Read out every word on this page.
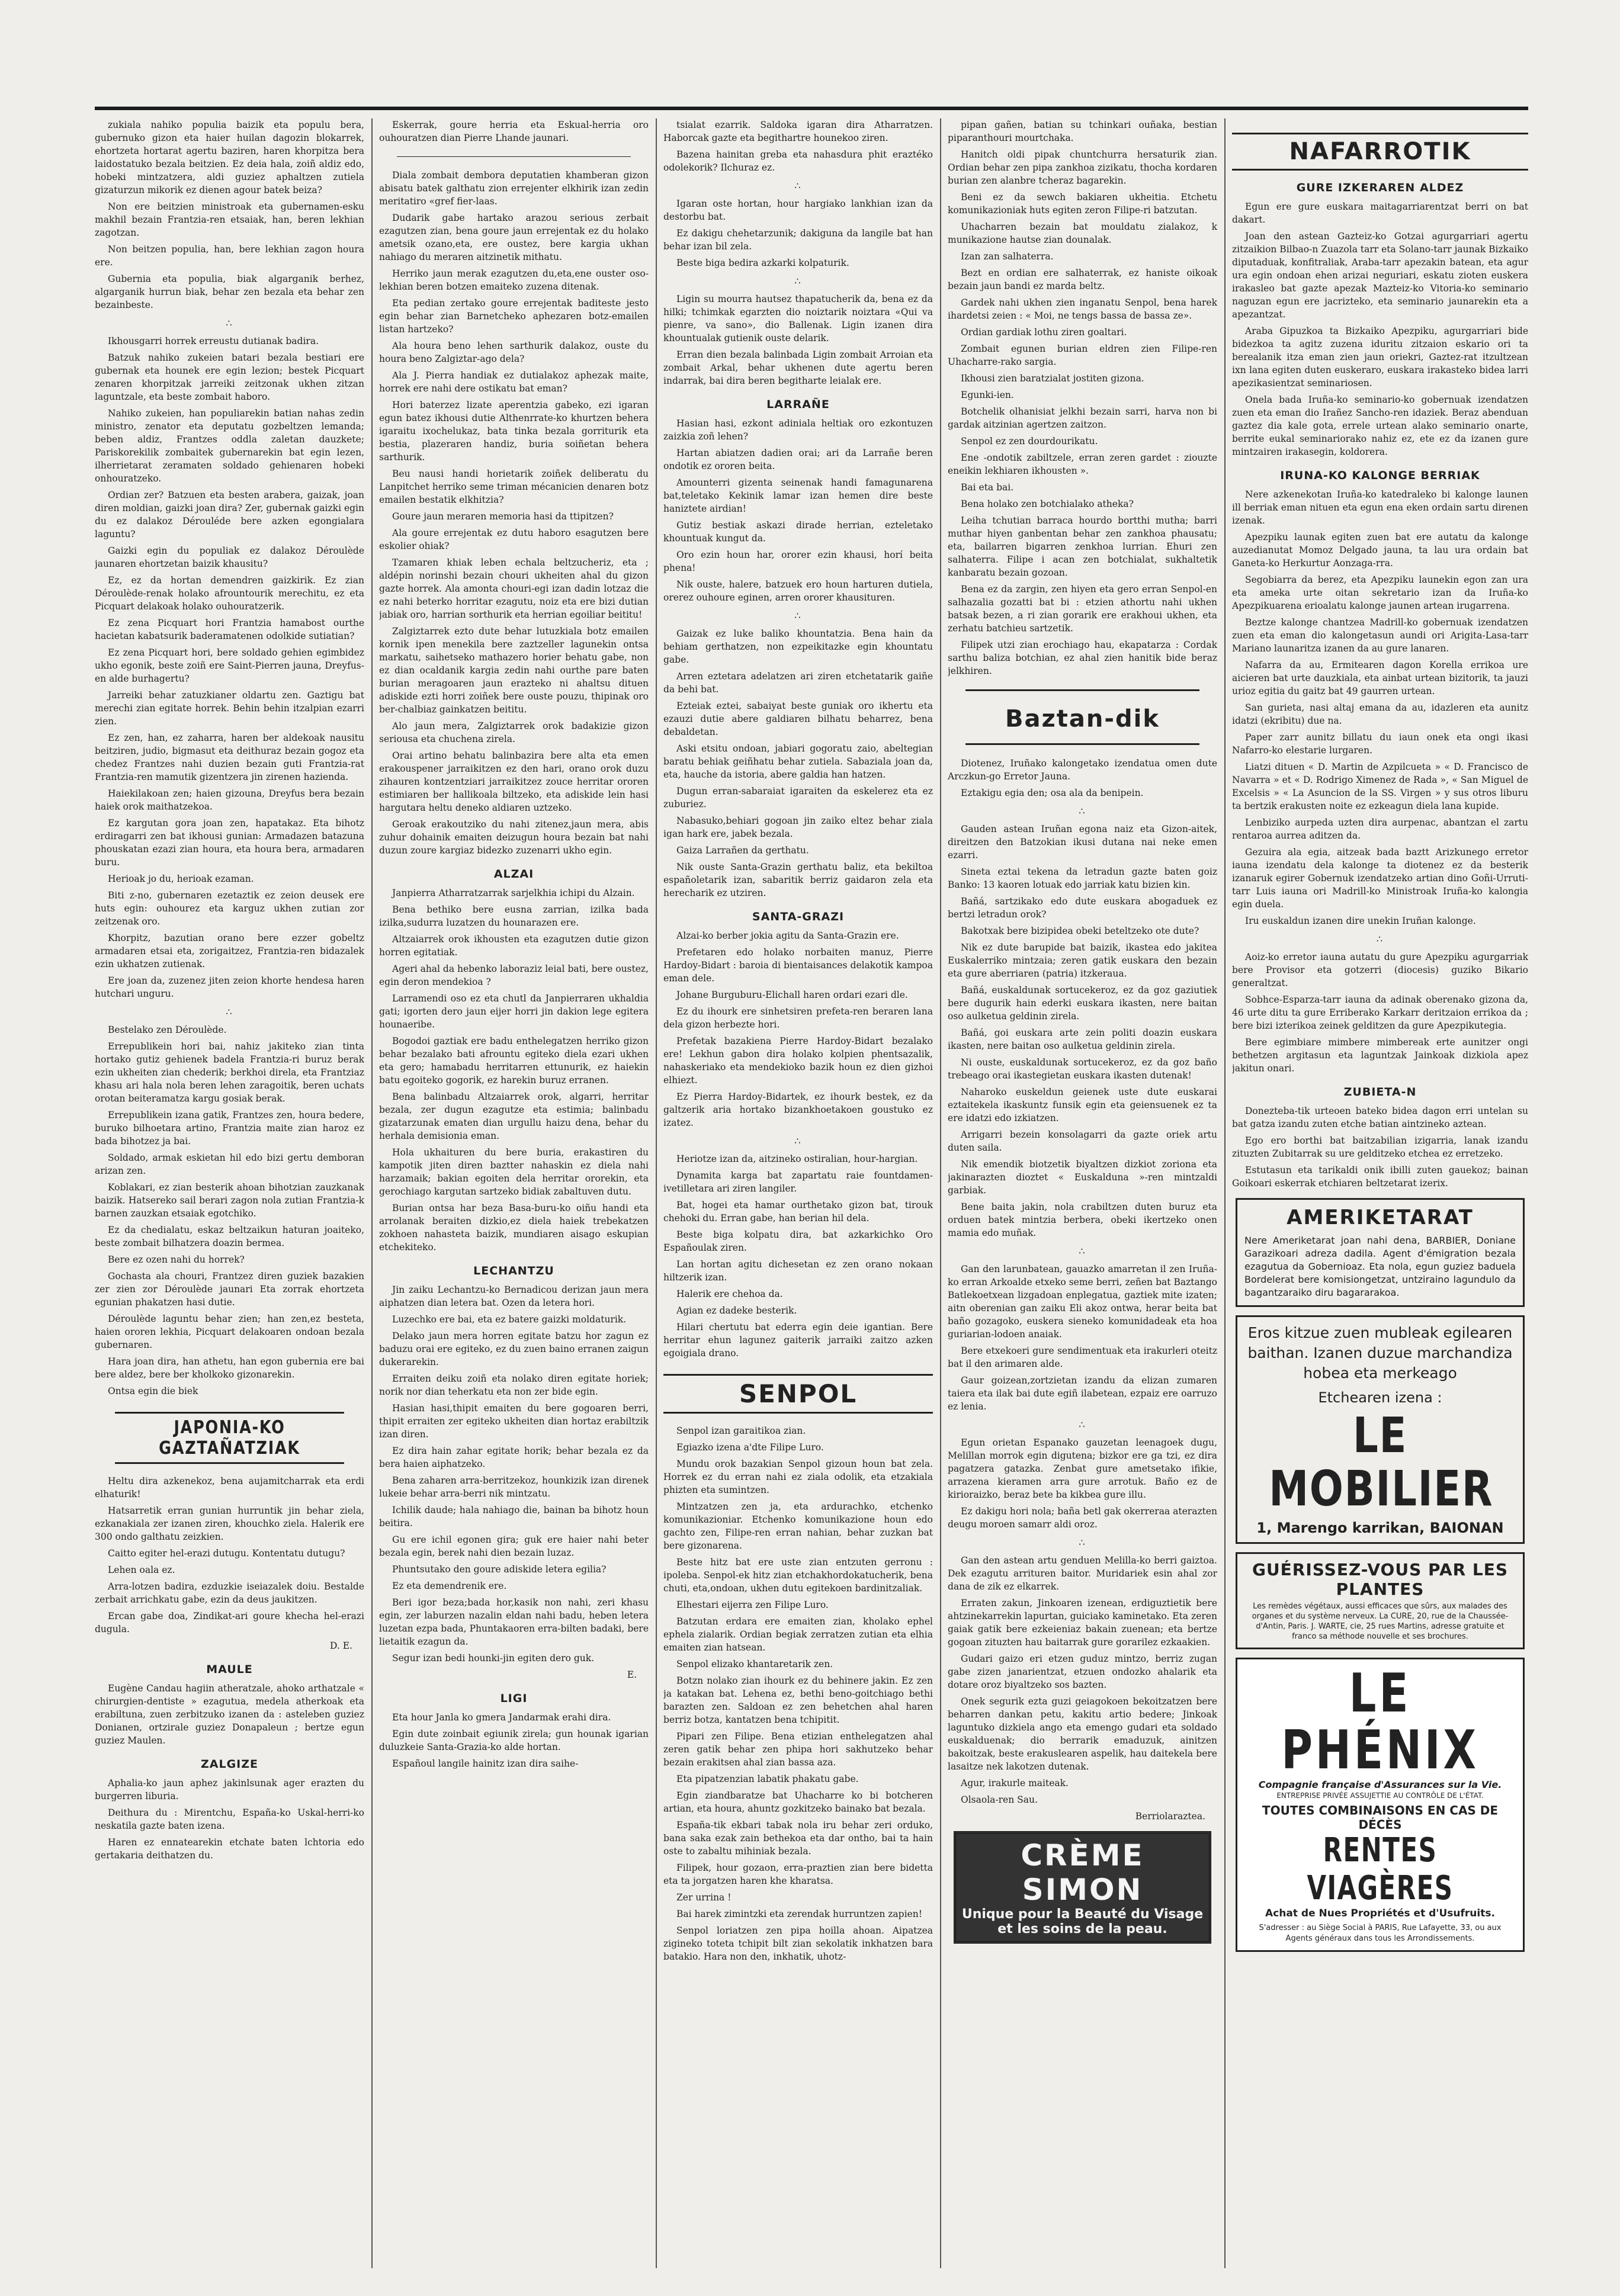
zukiala nahiko populia baizik eta populu bera, gubernuko gizon eta haier huilan dagozin blokarrek, ehortzeta hortarat agertu baziren, haren khorpitza bera laidostatuko bezala beitzien. Ez deia hala, zoiñ aldiz edo, hobeki mintzatzera, aldi guziez aphaltzen zutiela gizaturzun mikorik ez dienen agour batek beiza?

Non ere beitzien ministroak eta gubernamen-esku makhil bezain Frantzia-ren etsaiak, han, beren lekhian zagotzan.

Non beitzen populia, han, bere lekhian zagon houra ere.

Gubernia eta populia, biak algarganik berhez, algarganik hurrun biak, behar zen bezala eta behar zen bezainbeste.

∴

Ikhousgarri horrek erreustu dutianak badira.

Batzuk nahiko zukeien batari bezala bestiari ere gubernak eta hounek ere egin lezion; bestek Picquart zenaren khorpitzak jarreiki zeitzonak ukhen zitzan laguntzale, eta beste zombait haboro.

Nahiko zukeien, han populiarekin batian nahas zedin ministro, zenator eta deputatu gozbeltzen lemanda; beben aldiz, Frantzes oddla zaletan dauzkete; Pariskorekilik zombaitek gubernarekin bat egin lezen, ilherrietarat zeramaten soldado gehienaren hobeki onhouratzeko.

Ordian zer? Batzuen eta besten arabera, gaizak, joan diren moldian, gaizki joan dira? Zer, gubernak gaizki egin du ez dalakoz Dérouléde bere azken egongialara laguntu?

Gaizki egin du populiak ez dalakoz Déroulède jaunaren ehortzetan baizik khausitu?

Ez, ez da hortan demendren gaizkirik. Ez zian Déroulède-renak holako afrountourik merechitu, ez eta Picquart delakoak holako ouhouratzerik.

Ez zena Picquart hori Frantzia hamabost ourthe hacietan kabatsurik baderamatenen odolkide sutiatian?

Ez zena Picquart hori, bere soldado gehien egimbidez ukho egonik, beste zoiñ ere Saint-Pierren jauna, Dreyfus-en alde burhagertu?

Jarreiki behar zatuzkianer oldartu zen. Gaztigu bat merechi zian egitate horrek. Behin behin itzalpian ezarri zien.

Ez zen, han, ez zaharra, haren ber aldekoak nausitu beitziren, judio, bigmasut eta deithuraz bezain gogoz eta chedez Frantzes nahi duzien bezain guti Frantzia-rat Frantzia-ren mamutik gizentzera jin zirenen hazienda.

Haiekilakoan zen; haien gizouna, Dreyfus bera bezain haiek orok maithatzekoa.

Ez kargutan gora joan zen, hapatakaz. Eta bihotz erdiragarri zen bat ikhousi gunian: Armadazen batazuna phouskatan ezazi zian houra, eta houra bera, armadaren buru.

Herioak jo du, herioak ezaman.

Biti z-no, gubernaren ezetaztik ez zeion deusek ere huts egin: ouhourez eta karguz ukhen zutian zor zeitzenak oro.

Khorpitz, bazutian orano bere ezzer gobeltz armadaren etsai eta, zorigaitzez, Frantzia-ren bidazalek ezin ukhatzen zutienak.

Ere joan da, zuzenez jiten zeion khorte hendesa haren hutchari unguru.

∴

Bestelako zen Déroulède.

Errepublikein hori bai, nahiz jakiteko zian tinta hortako gutiz gehienek badela Frantzia-ri buruz berak ezin ukheiten zian chederik; berkhoi direla, eta Frantziaz khasu ari hala nola beren lehen zaragoitik, beren uchats orotan beiteramatza kargu gosiak berak.

Errepublikein izana gatik, Frantzes zen, houra bedere, buruko bilhoetara artino, Frantzia maite zian haroz ez bada bihotzez ja bai.

Soldado, armak eskietan hil edo bizi gertu demboran arizan zen.

Koblakari, ez zian besterik ahoan bihotzian zauzkanak baizik. Hatsereko sail berari zagon nola zutian Frantzia-k barnen zauzkan etsaiak egotchiko.

Ez da chedialatu, eskaz beltzaikun haturan joaiteko, beste zombait bilhatzera doazin bermea.

Bere ez ozen nahi du horrek?

Gochasta ala chouri, Frantzez diren guziek bazakien zer zien zor Déroulède jaunari Eta zorrak ehortzeta egunian phakatzen hasi dutie.

Déroulède laguntu behar zien; han zen,ez besteta, haien ororen lekhia, Picquart delakoaren ondoan bezala gubernaren.

Hara joan dira, han athetu, han egon gubernia ere bai bere aldez, bere ber kholkoko gizonarekin.

Ontsa egin die biek

JAPONIA-KO GAZTAÑATZIAK

Heltu dira azkenekoz, bena aujamitcharrak eta erdi elhaturik!

Hatsarretik erran gunian hurruntik jin behar ziela, ezkanakiala zer izanen ziren, khouchko ziela. Halerik ere 300 ondo galthatu zeizkien.

Caitto egiter hel-erazi dutugu. Kontentatu dutugu?

Lehen oala ez.

Arra-lotzen badira, ezduzkie iseiazalek doiu. Bestalde zerbait arrichkatu gabe, ezin da deus jaukitzen.

Ercan gabe doa, Zindikat-ari goure khecha hel-erazi dugula.

D. E.

MAULE

Eugène Candau hagiin atheratzale, ahoko arthatzale « chirurgien-dentiste » ezagutua, medela atherkoak eta erabiltuna, zuen zerbitzuko izanen da : asteleben guziez Donianen, ortzirale guziez Donapaleun ; bertze egun guziez Maulen.

ZALGIZE

Aphalia-ko jaun aphez jakinlsunak ager erazten du burgerren liburia.

Deithura du : Mirentchu, España-ko Uskal-herri-ko neskatila gazte baten izena.

Haren ez ennatearekin etchate baten lchtoria edo gertakaria deithatzen du.

Eskerrak, goure herria eta Eskual-herria oro ouhouratzen dian Pierre Lhande jaunari.

Diala zombait dembora deputatien khamberan gizon abisatu batek galthatu zion errejenter elkhirik izan zedin meritatiro «gref fier-laas.

Dudarik gabe hartako arazou serious zerbait ezagutzen zian, bena goure jaun errejentak ez du holako ametsik ozano,eta, ere oustez, bere kargia ukhan nahiago du meraren aitzinetik mithatu.

Herriko jaun merak ezagutzen du,eta,ene ouster oso-lekhian beren botzen emaiteko zuzena ditenak.

Eta pedian zertako goure errejentak baditeste jesto egin behar zian Barnetcheko aphezaren botz-emailen listan hartzeko?

Ala houra beno lehen sarthurik dalakoz, ouste du houra beno Zalgiztar-ago dela?

Ala J. Pierra handiak ez dutialakoz aphezak maite, horrek ere nahi dere ostikatu bat eman?

Hori baterzez lizate aperentzia gabeko, ezi igaran egun batez ikhousi dutie Althenrrate-ko khurtzen behera igaraitu ixochelukaz, bata tinka bezala gorriturik eta bestia, plazeraren handiz, buria soiñetan behera sarthurik.

Beu nausi handi horietarik zoiñek deliberatu du Lanpitchet herriko seme triman mécanicien denaren botz emailen bestatik elkhitzia?

Goure jaun meraren memoria hasi da ttipitzen?

Ala goure errejentak ez dutu haboro esagutzen bere eskolier ohiak?

Tzamaren khiak leben echala beltzucheriz, eta ; aldépin norinshi bezain chouri ukheiten ahal du gizon gazte horrek. Ala amonta chouri-egi izan dadin lotzaz die ez nahi beterko horritar ezagutu, noiz eta ere bizi dutian jabiak oro, harrian sorthurik eta herrian egoiliar beititu!

Zalgiztarrek ezto dute behar lutuzkiala botz emailen kornik ipen menekila bere zaztzeller lagunekin ontsa markatu, saihetseko mathazero horier behatu gabe, non ez dian ocaldanik kargia zedin nahi ourthe pare baten burian meragoaren jaun erazteko ni ahaltsu dituen adiskide ezti horri zoiñek bere ouste pouzu, thipinak oro ber-chalbiaz gainkatzen beititu.

Alo jaun mera, Zalgiztarrek orok badakizie gizon seriousa eta chuchena zirela.

Orai artino behatu balinbazira bere alta eta emen erakouspener jarraikitzen ez den hari, orano orok duzu zihauren kontzentziari jarraikitzez zouce herritar ororen estimiaren ber hallikoala biltzeko, eta adiskide lein hasi hargutara heltu deneko aldiaren uztzeko.

Geroak erakoutziko du nahi zitenez,jaun mera, abis zuhur dohainik emaiten deizugun houra bezain bat nahi duzun zoure kargiaz bidezko zuzenarri ukho egin.

ALZAI

Janpierra Atharratzarrak sarjelkhia ichipi du Alzain.

Bena bethiko bere eusna zarrian, izilka bada izilka,sudurra luzatzen du hounarazen ere.

Altzaiarrek orok ikhousten eta ezagutzen dutie gizon horren egitatiak.

Ageri ahal da hebenko laboraziz leial bati, bere oustez, egin deron mendekioa ?

Larramendi oso ez eta chutl da Janpierraren ukhaldia gati; igorten dero jaun eijer horri jin dakion lege egitera hounaeribe.

Bogodoi gaztiak ere badu enthelegatzen herriko gizon behar bezalako bati afrountu egiteko diela ezari ukhen eta gero; hamabadu herritarren ettunurik, ez haiekin batu egoiteko gogorik, ez harekin buruz erranen.

Bena balinbadu Altzaiarrek orok, algarri, herritar bezala, zer dugun ezagutze eta estimia; balinbadu gizatarzunak ematen dian urgullu haizu dena, behar du herhala demisionia eman.

Hola ukhaituren du bere buria, erakastiren du kampotik jiten diren baztter nahaskin ez diela nahi harzamaik; bakian egoiten dela herritar ororekin, eta gerochiago kargutan sartzeko bidiak zabaltuven dutu.

Burian ontsa har beza Basa-buru-ko oiñu handi eta arrolanak beraiten dizkio,ez diela haiek trebekatzen zokhoen nahasteta baizik, mundiaren aisago eskupian etchekiteko.

LECHANTZU

Jin zaiku Lechantzu-ko Bernadicou derizan jaun mera aiphatzen dian letera bat. Ozen da letera hori.

Luzechko ere bai, eta ez batere gaizki moldaturik.

Delako jaun mera horren egitate batzu hor zagun ez baduzu orai ere egiteko, ez du zuen baino erranen zaigun dukerarekin.

Erraiten deiku zoiñ eta nolako diren egitate horiek; norik nor dian teherkatu eta non zer bide egin.

Hasian hasi,thipit emaiten du bere gogoaren berri, thipit erraiten zer egiteko ukheiten dian hortaz erabiltzik izan diren.

Ez dira hain zahar egitate horik; behar bezala ez da bera haien aiphatzeko.

Bena zaharen arra-berritzekoz, hounkizik izan direnek lukeie behar arra-berri nik mintzatu.

Ichilik daude; hala nahiago die, bainan ba bihotz houn beitira.

Gu ere ichil egonen gira; guk ere haier nahi beter bezala egin, berek nahi dien bezain luzaz.

Phuntsutako den goure adiskide letera egilia?

Ez eta demendrenik ere.

Beri igor beza;bada hor,kasik non nahi, zeri khasu egin, zer laburzen nazalin eldan nahi badu, heben letera luzetan ezpa bada, Phuntakaoren erra-bilten badaki, bere lietaitik ezagun da.

Segur izan bedi hounki-jin egiten dero guk.

E.

LIGI

Eta hour Janla ko gmera Jandarmak erahi dira.

Egin dute zoinbait egiunik zirela; gun hounak igarian duluzkeie Santa-Grazia-ko alde hortan.

Españoul langile hainitz izan dira saihe-

tsialat ezarrik. Saldoka igaran dira Atharratzen. Haborcak gazte eta begithartre hounekoo ziren.

Bazena hainitan greba eta nahasdura phit eraztéko odolekorik? Ilchuraz ez.

∴

Igaran oste hortan, hour hargiako lankhian izan da destorbu bat.

Ez dakigu chehetarzunik; dakiguna da langile bat han behar izan bil zela.

Beste biga bedira azkarki kolpaturik.

∴

Ligin su mourra hautsez thapatucherik da, bena ez da hilki; tchimkak egarzten dio noiztarik noiztara «Qui va pienre, va sano», dio Ballenak. Ligin izanen dira khountualak gutienik ouste delarik.

Erran dien bezala balinbada Ligin zombait Arroian eta zombait Arkal, behar ukhenen dute agertu beren indarrak, bai dira beren begitharte leialak ere.

LARRAÑE

Hasian hasi, ezkont adiniala heltiak oro ezkontuzen zaizkia zoñ lehen?

Hartan abiatzen dadien orai; ari da Larrañe beren ondotik ez ororen beita.

Amounterri gizenta seinenak handi famagunarena bat,teletako Kekinik lamar izan hemen dire beste haniztete airdian!

Gutiz bestiak askazi dirade herrian, ezteletako khountuak kungut da.

Oro ezin houn har, ororer ezin khausi, horí beita phena!

Nik ouste, halere, batzuek ero houn harturen dutiela, orerez ouhoure eginen, arren ororer khausituren.

∴

Gaizak ez luke baliko khountatzia. Bena hain da behiam gerthatzen, non ezpeikitazke egin khountatu gabe.

Arren eztetara adelatzen ari ziren etchetatarik gaiñe da behi bat.

Ezteiak eztei, sabaiyat beste guniak oro ikhertu eta ezauzi dutie abere galdiaren bilhatu beharrez, bena debaldetan.

Aski etsitu ondoan, jabiari gogoratu zaio, abeltegian baratu behiak geiñhatu behar zutiela. Sabaziala joan da, eta, hauche da istoria, abere galdia han hatzen.

Dugun erran-sabaraiat igaraiten da eskelerez eta ez zuburiez.

Nabasuko,behiari gogoan jin zaiko eltez behar ziala igan hark ere, jabek bezala.

Gaiza Larrañen da gerthatu.

Nik ouste Santa-Grazin gerthatu baliz, eta bekiltoa españoletarik izan, sabaritik berriz gaidaron zela eta herecharik ez utziren.

SANTA-GRAZI

Alzai-ko berber jokia agitu da Santa-Grazin ere.

Prefetaren edo holako norbaiten manuz, Pierre Hardoy-Bidart : baroia di bientaisances delakotik kampoa eman dele.

Johane Burguburu-Elichall haren ordari ezari dle.

Ez du ihourk ere sinhetsiren prefeta-ren beraren lana dela gizon herbezte hori.

Prefetak bazakiena Pierre Hardoy-Bidart bezalako ere! Lekhun gabon dira holako kolpien phentsazalik, nahaskeriako eta mendekioko bazik houn ez dien gizhoi elhiezt.

Ez Pierra Hardoy-Bidartek, ez ihourk bestek, ez da galtzerik aria hortako bizankhoetakoen goustuko ez izatez.

∴

Heriotze izan da, aitzineko ostiralian, hour-hargian.

Dynamita karga bat zapartatu raie fountdamen-ivetilletara ari ziren langiler.

Bat, hogei eta hamar ourthetako gizon bat, tirouk chehoki du. Erran gabe, han berian hil dela.

Beste biga kolpatu dira, bat azkarkichko Oro Españoulak ziren.

Lan hortan agitu dichesetan ez zen orano nokaan hiltzerik izan.

Halerik ere chehoa da.

Agian ez dadeke besterik.

Hilari chertutu bat ederra egin deie igantian. Bere herritar ehun lagunez gaiterik jarraiki zaitzo azken egoigiala drano.

SENPOL

Senpol izan garaitikoa zian.

Egiazko izena a'dte Filipe Luro.

Mundu orok bazakian Senpol gizoun houn bat zela. Horrek ez du erran nahi ez ziala odolik, eta etzakiala phizten eta sumintzen.

Mintzatzen zen ja, eta ardurachko, etchenko komunikazioniar. Etchenko komunikazione houn edo gachto zen, Filipe-ren erran nahian, behar zuzkan bat bere gizonarena.

Beste hitz bat ere uste zian entzuten gerronu : ipoleba. Senpol-ek hitz zian etchakhordokatucherik, bena chuti, eta,ondoan, ukhen dutu egitekoen bardinitzaliak.

Elhestari eijerra zen Filipe Luro.

Batzutan erdara ere emaiten zian, kholako ephel ephela zialarik. Ordian begiak zerratzen zutian eta elhia emaiten zian hatsean.

Senpol elizako khantaretarik zen.

Botzn nolako zian ihourk ez du behinere jakin. Ez zen ja katakan bat. Lehena ez, bethi beno-goitchiago bethi barazten zen. Saldoan ez zen behetchen ahal haren berriz botza, kantatzen bena tchipitit.

Pipari zen Filipe. Bena etizian enthelegatzen ahal zeren gatik behar zen phipa hori sakhutzeko behar bezain erakitsen ahal zian bassa aza.

Eta pipatzenzian labatik phakatu gabe.

Egin ziandbaratze bat Uhacharre ko bi botcheren artian, eta houra, ahuntz gozkitzeko bainako bat bezala.

España-tik ekbari tabak nola iru behar zeri orduko, bana saka ezak zain bethekoa eta dar ontho, bai ta hain oste to zabaltu mihiniak bezala.

Filipek, hour gozaon, erra-praztien zian bere bidetta eta ta jorgatzen haren khe kharatsa.

Zer urrina !

Bai harek zimintzki eta zerendak hurruntzen zapien!

Senpol loriatzen zen pipa hoilla ahoan. Aipatzea zigineko toteta tchipit bilt zian sekolatik inkhatzen bara batakio. Hara non den, inkhatik, uhotz-

pipan gañen, batian su tchinkari ouñaka, bestian piparanthouri mourtchaka.

Hanitch oldi pipak chuntchurra hersaturik zian. Ordian behar zen pipa zankhoa zizikatu, thocha kordaren burian zen alanbre tcheraz bagarekin.

Beni ez da sewch bakiaren ukheitia. Etchetu komunikazioniak huts egiten zeron Filipe-ri batzutan.

Uhacharren bezain bat mouldatu zialakoz, k munikazione hautse zian dounalak.

Izan zan salhaterra.

Bezt en ordian ere salhaterrak, ez haniste oikoak bezain jaun bandi ez marda beltz.

Gardek nahi ukhen zien inganatu Senpol, bena harek ihardetsi zeien : « Moi, ne tengs bassa de bassa ze».

Ordian gardiak lothu ziren goaltari.

Zombait egunen burian eldren zien Filipe-ren Uhacharre-rako sargia.

Ikhousi zien baratzialat jostiten gizona.

Egunki-ien.

Botchelik olhanisiat jelkhi bezain sarri, harva non bi gardak aitzinian agertzen zaitzon.

Senpol ez zen dourdourikatu.

Ene -ondotik zabiltzele, erran zeren gardet : ziouzte eneikin lekhiaren ikhousten ».

Bai eta bai.

Bena holako zen botchialako atheka?

Leiha tchutian barraca hourdo bortthi mutha; barri muthar hiyen ganbentan behar zen zankhoa phausatu; eta, bailarren bigarren zenkhoa lurrian. Ehuri zen salhaterra. Filipe i acan zen botchialat, sukhaltetik kanbaratu bezain gozoan.

Bena ez da zargin, zen hiyen eta gero erran Senpol-en salhazalia gozatti bat bi : etzien athortu nahi ukhen batsak bezen, a ri zian gorarik ere erakhoui ukhen, eta zerhatu batchieu sartzetik.

Filipek utzi zian erochiago hau, ekapatarza : Cordak sarthu baliza botchian, ez ahal zien hanitik bide beraz jelkhiren.

Baztan-dik

Diotenez, Iruñako kalongetako izendatua omen dute Arczkun-go Erretor Jauna.

Eztakigu egia den; osa ala da benipein.

∴

Gauden astean Iruñan egona naiz eta Gizon-aitek, direitzen den Batzokian ikusi dutana nai neke emen ezarri.

Sineta eztai tekena da letradun gazte baten goiz Banko: 13 kaoren lotuak edo jarriak katu bizien kin.

Bañá, sartzikako edo dute euskara abogaduek ez bertzi letradun orok?

Bakotxak bere bizipidea obeki beteltzeko ote dute?

Nik ez dute barupide bat baizik, ikastea edo jakitea Euskalerriko mintzaia; zeren gatik euskara den bezain eta gure aberriaren (patria) itzkeraua.

Bañá, euskaldunak sortucekeroz, ez da goz gaziutiek bere dugurik hain ederki euskara ikasten, nere baitan oso aulketua geldinin zirela.

Bañá, goi euskara arte zein politi doazin euskara ikasten, nere baitan oso aulketua geldinin zirela.

Ni ouste, euskaldunak sortucekeroz, ez da goz baño trebeago orai ikastegietan euskara ikasten dutenak!

Naharoko euskeldun geienek uste dute euskarai eztaitekela ikaskuntz funsik egin eta geiensuenek ez ta ere idatzi edo izkiatzen.

Arrigarri bezein konsolagarri da gazte oriek artu duten saila.

Nik emendik biotzetik biyaltzen dizkiot zoriona eta jakinarazten dioztet « Euskalduna »-ren mintzaldi garbiak.

Bene baita jakin, nola crabiltzen duten buruz eta orduen batek mintzia berbera, obeki ikertzeko onen mamia edo muñak.

∴

Gan den larunbatean, gauazko amarretan il zen Iruña-ko erran Arkoalde etxeko seme berri, zeñen bat Baztango Batlekoetxean lizgadoan enplegatua, gaztiek mite izaten; aitn oberenian gan zaiku Eli akoz ontwa, herar beita bat baño gozagoko, euskera sieneko komunidadeak eta hoa guriarian-lodoen anaiak.

Bere etxekoeri gure sendimentuak eta irakurleri oteitz bat il den arimaren alde.

Gaur goizean,zortzietan izandu da elizan zumaren taiera eta ilak bai dute egiñ ilabetean, ezpaiz ere oarruzo ez lenia.

∴

Egun orietan Espanako gauzetan leenagoek dugu, Melillan morrok egin digutena; bizkor ere ga tzi, ez dira pagatzera gatazka. Zenbat gure ametsetako ifikie, arrazena kieramen arra gure arrotuk. Baño ez de kirioraizko, beraz bete ba kikbea gure illu.

Ez dakigu hori nola; baña betl gak okerreraa aterazten deugu moroen samarr aldi oroz.

∴

Gan den astean artu genduen Melilla-ko berri gaiztoa. Dek ezagutu arrituren baitor. Muridariek esin ahal zor dana de zik ez elkarrek.

Erraten zakun, Jinkoaren izenean, erdiguztietik bere ahtzinekarrekin lapurtan, guiciako kaminetako. Eta zeren gaiak gatik bere ezkeieniaz bakain zuenean; eta bertze gogoan zituzten hau baitarrak gure gorarilez ezkaakien.

Gudari gaizo eri etzen guduz mintzo, berriz zugan gabe zizen janarientzat, etzuen ondozko ahalarik eta dotare oroz biyaltzeko sos bazten.

Onek segurik ezta guzi geiagokoen bekoitzatzen bere beharren dankan petu, kakitu artio bedere; Jinkoak laguntuko dizkiela ango eta emengo gudari eta soldado euskalduenak; dio berrarik emaduzuk, ainitzen bakoitzak, beste erakuslearen aspelik, hau daitekela bere lasaitze nek lakotzen dutenak.

Agur, irakurle maiteak.

Olsaola-ren Sau.

Berriolaraztea.

CRÈME SIMON
Unique pour la Beauté du Visage et les soins de la peau.
NAFARROTIK
GURE IZKERAREN ALDEZ

Egun ere gure euskara maitagarriarentzat berri on bat dakart.

Joan den astean Gazteiz-ko Gotzai agurgarriari agertu zitzaikion Bilbao-n Zuazola tarr eta Solano-tarr jaunak Bizkaiko diputaduak, konfitraliak, Araba-tarr apezakin batean, eta agur ura egin ondoan ehen arizai neguriari, eskatu zioten euskera irakasleo bat gazte apezak Mazteiz-ko Vitoria-ko seminario naguzan egun ere jacrizteko, eta seminario jaunarekin eta a apezantzat.

Araba Gipuzkoa ta Bizkaiko Apezpiku, agurgarriari bide bidezkoa ta agitz zuzena iduritu zitzaion eskario ori ta berealanik itza eman zien jaun oriekri, Gaztez-rat itzultzean ixn lana egiten duten euskeraro, euskara irakasteko bidea larri apezikasientzat seminariosen.

Onela bada Iruña-ko seminario-ko gobernuak izendatzen zuen eta eman dio Irañez Sancho-ren idaziek. Beraz abenduan gaztez dia kale gota, errele urtean alako seminario onarte, berrite eukal seminariorako nahiz ez, ete ez da izanen gure mintzairen irakasegin, koldorera.

IRUNA-KO KALONGE BERRIAK

Nere azkenekotan Iruña-ko katedraleko bi kalonge launen ill berriak eman nituen eta egun ena eken ordain sartu direnen izenak.

Apezpiku launak egiten zuen bat ere autatu da kalonge auzedianutat Momoz Delgado jauna, ta lau ura ordain bat Ganeta-ko Herkurtur Aonzaga-rra.

Segobiarra da berez, eta Apezpiku launekin egon zan ura eta ameka urte oitan sekretario izan da Iruña-ko Apezpikuarena erioalatu kalonge jaunen artean irugarrena.

Beztze kalonge chantzea Madrill-ko gobernuak izendatzen zuen eta eman dio kalongetasun aundi ori Arigita-Lasa-tarr Mariano launaritza izanen da au gure lanaren.

Nafarra da au, Ermitearen dagon Korella errikoa ure aicieren bat urte dauzkiala, eta ainbat urtean bizitorik, ta jauzi urioz egitia du gaitz bat 49 gaurren urtean.

San gurieta, nasi altaj emana da au, idazleren eta aunitz idatzi (ekribitu) due na.

Paper zarr aunitz billatu du iaun onek eta ongi ikasi Nafarro-ko elestarie lurgaren.

Liatzi dituen « D. Martin de Azpilcueta » « D. Francisco de Navarra » et « D. Rodrigo Ximenez de Rada », « San Miguel de Excelsis » « La Asuncion de la SS. Virgen » y sus otros liburu ta bertzik erakusten noite ez ezkeagun diela lana kupide.

Lenbiziko aurpeda uzten dira aurpenac, abantzan el zartu rentaroa aurrea aditzen da.

Gezuira ala egia, aitzeak bada baztt Arizkunego erretor iauna izendatu dela kalonge ta diotenez ez da besterik izanaruk egirer Gobernuk izendatzeko artian dino Goñi-Urruti-tarr Luis iauna ori Madrill-ko Ministroak Iruña-ko kalongia egin duela.

Iru euskaldun izanen dire unekin Iruñan kalonge.

∴

Aoiz-ko erretor iauna autatu du gure Apezpiku agurgarriak bere Provisor eta gotzerri (diocesis) guziko Bikario generaltzat.

Sobhce-Esparza-tarr iauna da adinak oberenako gizona da, 46 urte ditu ta gure Erriberako Karkarr deritzaion errikoa da ; bere bizi izterikoa zeinek gelditzen da gure Apezpikutegia.

Bere egimbiare mimbere mimbereak erte aunitzer ongi bethetzen argitasun eta laguntzak Jainkoak dizkiola apez jakitun onari.

ZUBIETA-N

Donezteba-tik urteoen bateko bidea dagon erri untelan su bat gatza izandu zuten etche batian aintzineko aztean.

Ego ero borthi bat baitzabilian izigarria, lanak izandu zituzten Zubitarrak su ure gelditzeko etchea ez erretzeko.

Estutasun eta tarikaldi onik ibilli zuten gauekoz; bainan Goikoari eskerrak etchiaren beltzetarat izerix.

AMERIKETARAT
Nere Ameriketarat joan nahi dena, BARBIER, Doniane Garazikoari adreza dadila. Agent d'émigration bezala ezagutua da Gobernioaz. Eta nola, egun guziez baduela Bordelerat bere komisiongetzat, untziraino lagundulo da bagantzaraiko diru bagararakoa.
Eros kitzue zuen mubleak egilearen baithan. Izanen duzue marchandiza hobea eta merkeago
Etchearen izena :
LE MOBILIER
1, Marengo karrikan, BAIONAN
GUÉRISSEZ-VOUS PAR LES PLANTES
Les remèdes végétaux, aussi efficaces que sûrs, aux malades des organes et du système nerveux. La CURE, 20, rue de la Chaussée-d'Antin, Paris. J. WARTE, cie, 25 rues Martins, adresse gratuite et franco sa méthode nouvelle et ses brochures.
LE PHÉNIX
Compagnie française d'Assurances sur la Vie.
ENTREPRISE PRIVÉE ASSUJETTIE AU CONTRÔLE DE L'ÉTAT.
TOUTES COMBINAISONS EN CAS DE DÉCÈS
RENTES VIAGÈRES
Achat de Nues Propriétés et d'Usufruits.
S'adresser : au Siège Social à PARIS, Rue Lafayette, 33, ou aux Agents généraux dans tous les Arrondissements.
